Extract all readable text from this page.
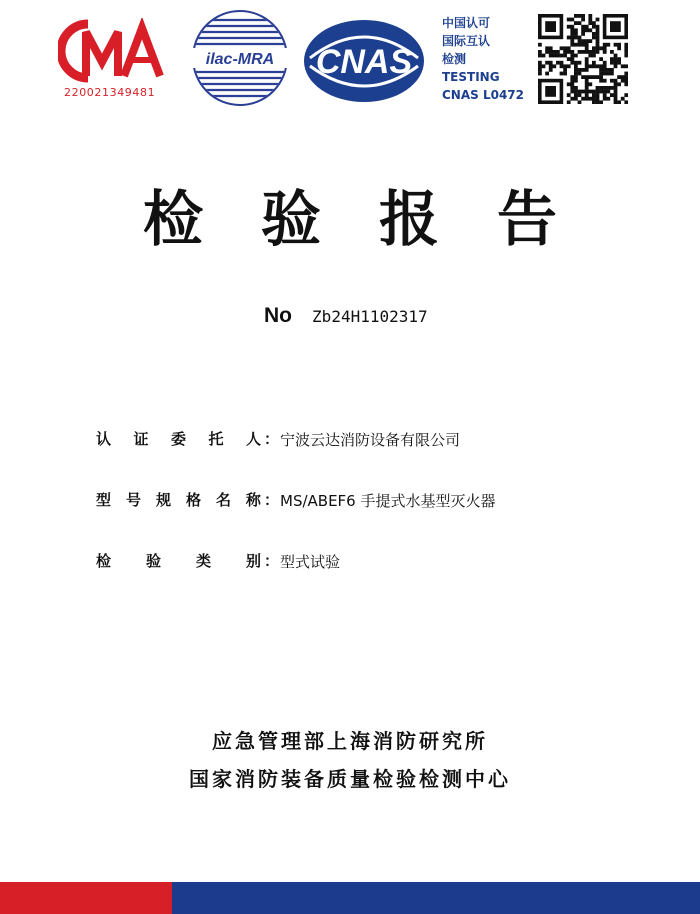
CMA
220021349481
ilac-MRA CNAS
中国认可
国际互认
检测
TESTING
CNAS L0472
检 验 报 告
No Zb24H1102317
认 证 委 托 人 ： 宁波云达消防设备有限公司
型 号 规 格 名 称 ： MS/ABEF6 手提式水基型灭火器
检 验 类 别 ： 型式试验
应急管理部上海消防研究所
国家消防装备质量检验检测中心
